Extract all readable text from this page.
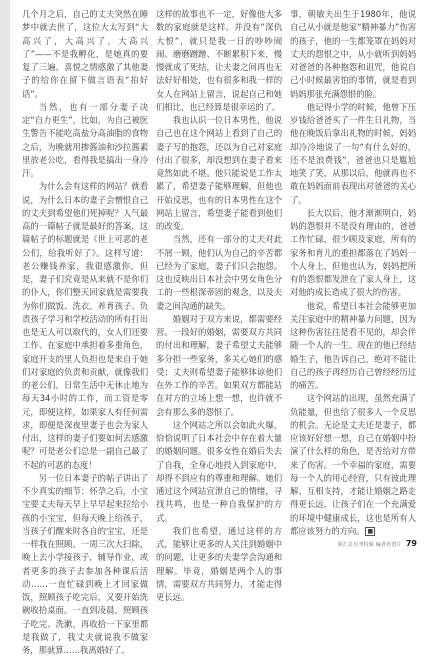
几个月之后，自己的丈夫突然在睡梦中就去世了，这位大太写到“大高兴了，大高兴了，大高兴了”——不是我孵化，是她真的要复了三遍。喜悦之情感激了其他妻子的给你在留下做言语表“拍好话”。

当然，也有一部分妻子决定“自力更生”，比如，为自己被医生警告不能吃高盐分高油脂的食物之后，为晚就用掺酱油和沙拉酱素里放老公吃，看得我是搞出一身冷汗。

为什么会有这样的网站？就看说，为什么日本的妻子会憎恨自己的丈夫到希望他们死掉呢？人气最高的一篇帖子就是最好的答案，这篇帖子的标题就是《世上可恶的老公们，给我听好了》。这样写道：老公赚钱养家，我很感激你，但是，妻子们究竟是从来就不是你们的仆人，你们整天回家就是需要我为你们做饭、洗衣。养育孩子、负责孩子学习和学校活动的所有打出也是无人可以取代的，女人们还要工作、在家庭中承担着多重角色，家庭开支的里人负担也是来自于她们对家庭的负责和贡献，就像我们的老公们，日常生活中无休止地为每天34小时的工作，而工资是零元，即便这样，如果家人有任何需求，即便是深夜里妻子也会为家人付出，这样的妻子们要如何去感激呢？可是老公们总是一副自己最了不起的可恶的态度！

另一位日本妻子的帖子讲出了不少真实的细节：怀孕之后，小宝宝要丈夫每天早上早早起来拉给小孩的小宝宝，但每天晚上给孩子，当孩子们醒来时各自的宝宝，还是一样我在照顾。一周三次大扫除，晚上去小学接孩子，辅导作业，或者更多的孩子去参加各种课后活动……一直忙碌到晚上才回家做饭，照顾孩子吃完后，又要开始洗碗收拾桌面。一直到凌晨，照顾孩子吃完、洗漱，再收拾一下家里都是我做了，我丈夫就说我不做家务，那就算……我离婚好了。

这样的故事也不一定，好像他大多数的家庭就是这样。并没有“深仇大恨”，就只是我一日的吵吵闹闹、磨磨蹭蹭、不断累积下来，慢慢就成了死结，让夫妻之间再也无法好好相处，也有很多和我一样的女人在网站上留言，说起自己和她们相比，也已经算是很幸运的了。

我也认识一位日本男性，他说自己也在这个网站上看到了自己的妻子写的抱怨，还以为自己对家庭付出了很多，却没想到在妻子看来竟然如此不堪。他只能说是工作太累了，希望妻子能够理解，但他也开始反思，也有的日本男性在这个网站上留言，希望妻子能看到他们的改变。

当然，还有一部分的丈夫对此不屑一顾，他们认为自己的辛苦都已经为了家庭，妻子们只会抱怨。这也反映出日本社会中男女角色分工的一些根深蒂固的观念，以及夫妻之间沟通的缺失。

婚姻对于双方来说，都需要经营。一段好的婚姻，需要双方共同的付出和理解，妻子希望丈夫能够多分担一些家务，多关心她们的感受；丈夫则希望妻子能够体谅他们在外工作的辛苦。如果双方都能站在对方的立场上想一想，也许就不会有那么多的怨恨了。

这个网站之所以会如此火爆，恰恰说明了日本社会中存在着大量的婚姻问题。很多女性在婚后失去了自我，全身心地投入到家庭中，却得不到应有的尊重和理解。她们通过这个网站宣泄自己的情绪，寻找共鸣，也是一种自我保护的方式。

我们也希望，通过这样的方式，能够让更多的人关注到婚姻中的问题，让更多的夫妻学会沟通和理解。毕竟，婚姻是两个人的事情，需要双方共同努力，才能走得更长远。

事，朝敏夫出生于1980年，他说自己从小就是他家“精神暴力”伤害的孩子，他的一生都笼罩在妈妈对丈夫的怨恨之中，从小就听到妈妈对爸爸的各种抱怨和诅咒，他说自己小时候最害怕的事情，就是看到妈妈那张充满怨恨的脸。

他记得小学的时候，他曾下压岁钱给爸爸买了一件生日礼物，当他在晚饭后拿出礼物的时候，妈妈却冷冷地说了一句“有什么好的，还不是浪费钱”，爸爸也只是尴尬地笑了笑，从那以后，他就再也不敢在妈妈面前表现出对爸爸的关心了。

长大以后，他才渐渐明白，妈妈的怨恨并不是没有理由的，爸爸工作忙碌，很少顾及家庭，所有的家务和育儿的重担都落在了妈妈一个人身上，但他也认为，妈妈把所有的怨恨都发泄在了家人身上，这对他的成长造成了很大的伤害。

他说，希望日本社会能够更加关注家庭中的精神暴力问题，因为这种伤害往往是看不见的，却会伴随一个人的一生。现在的他已经结婚生子，他告诉自己，绝对不能让自己的孩子再经历自己曾经经历过的痛苦。

这个网站的出现，虽然充满了负能量，但也给了很多人一个反思的机会。无论是丈夫还是妻子，都应该好好想一想，自己在婚姻中扮演了什么样的角色，是否给对方带来了伤害。一个幸福的家庭，需要每一个人的用心经营，只有彼此理解、互相支持，才能让婚姻之路走得更长远，让孩子们在一个充满爱的环境中健康成长，这也是所有人都应该努力的方向。 ■

简汇总有刊特辑 编者荐赏片 79
